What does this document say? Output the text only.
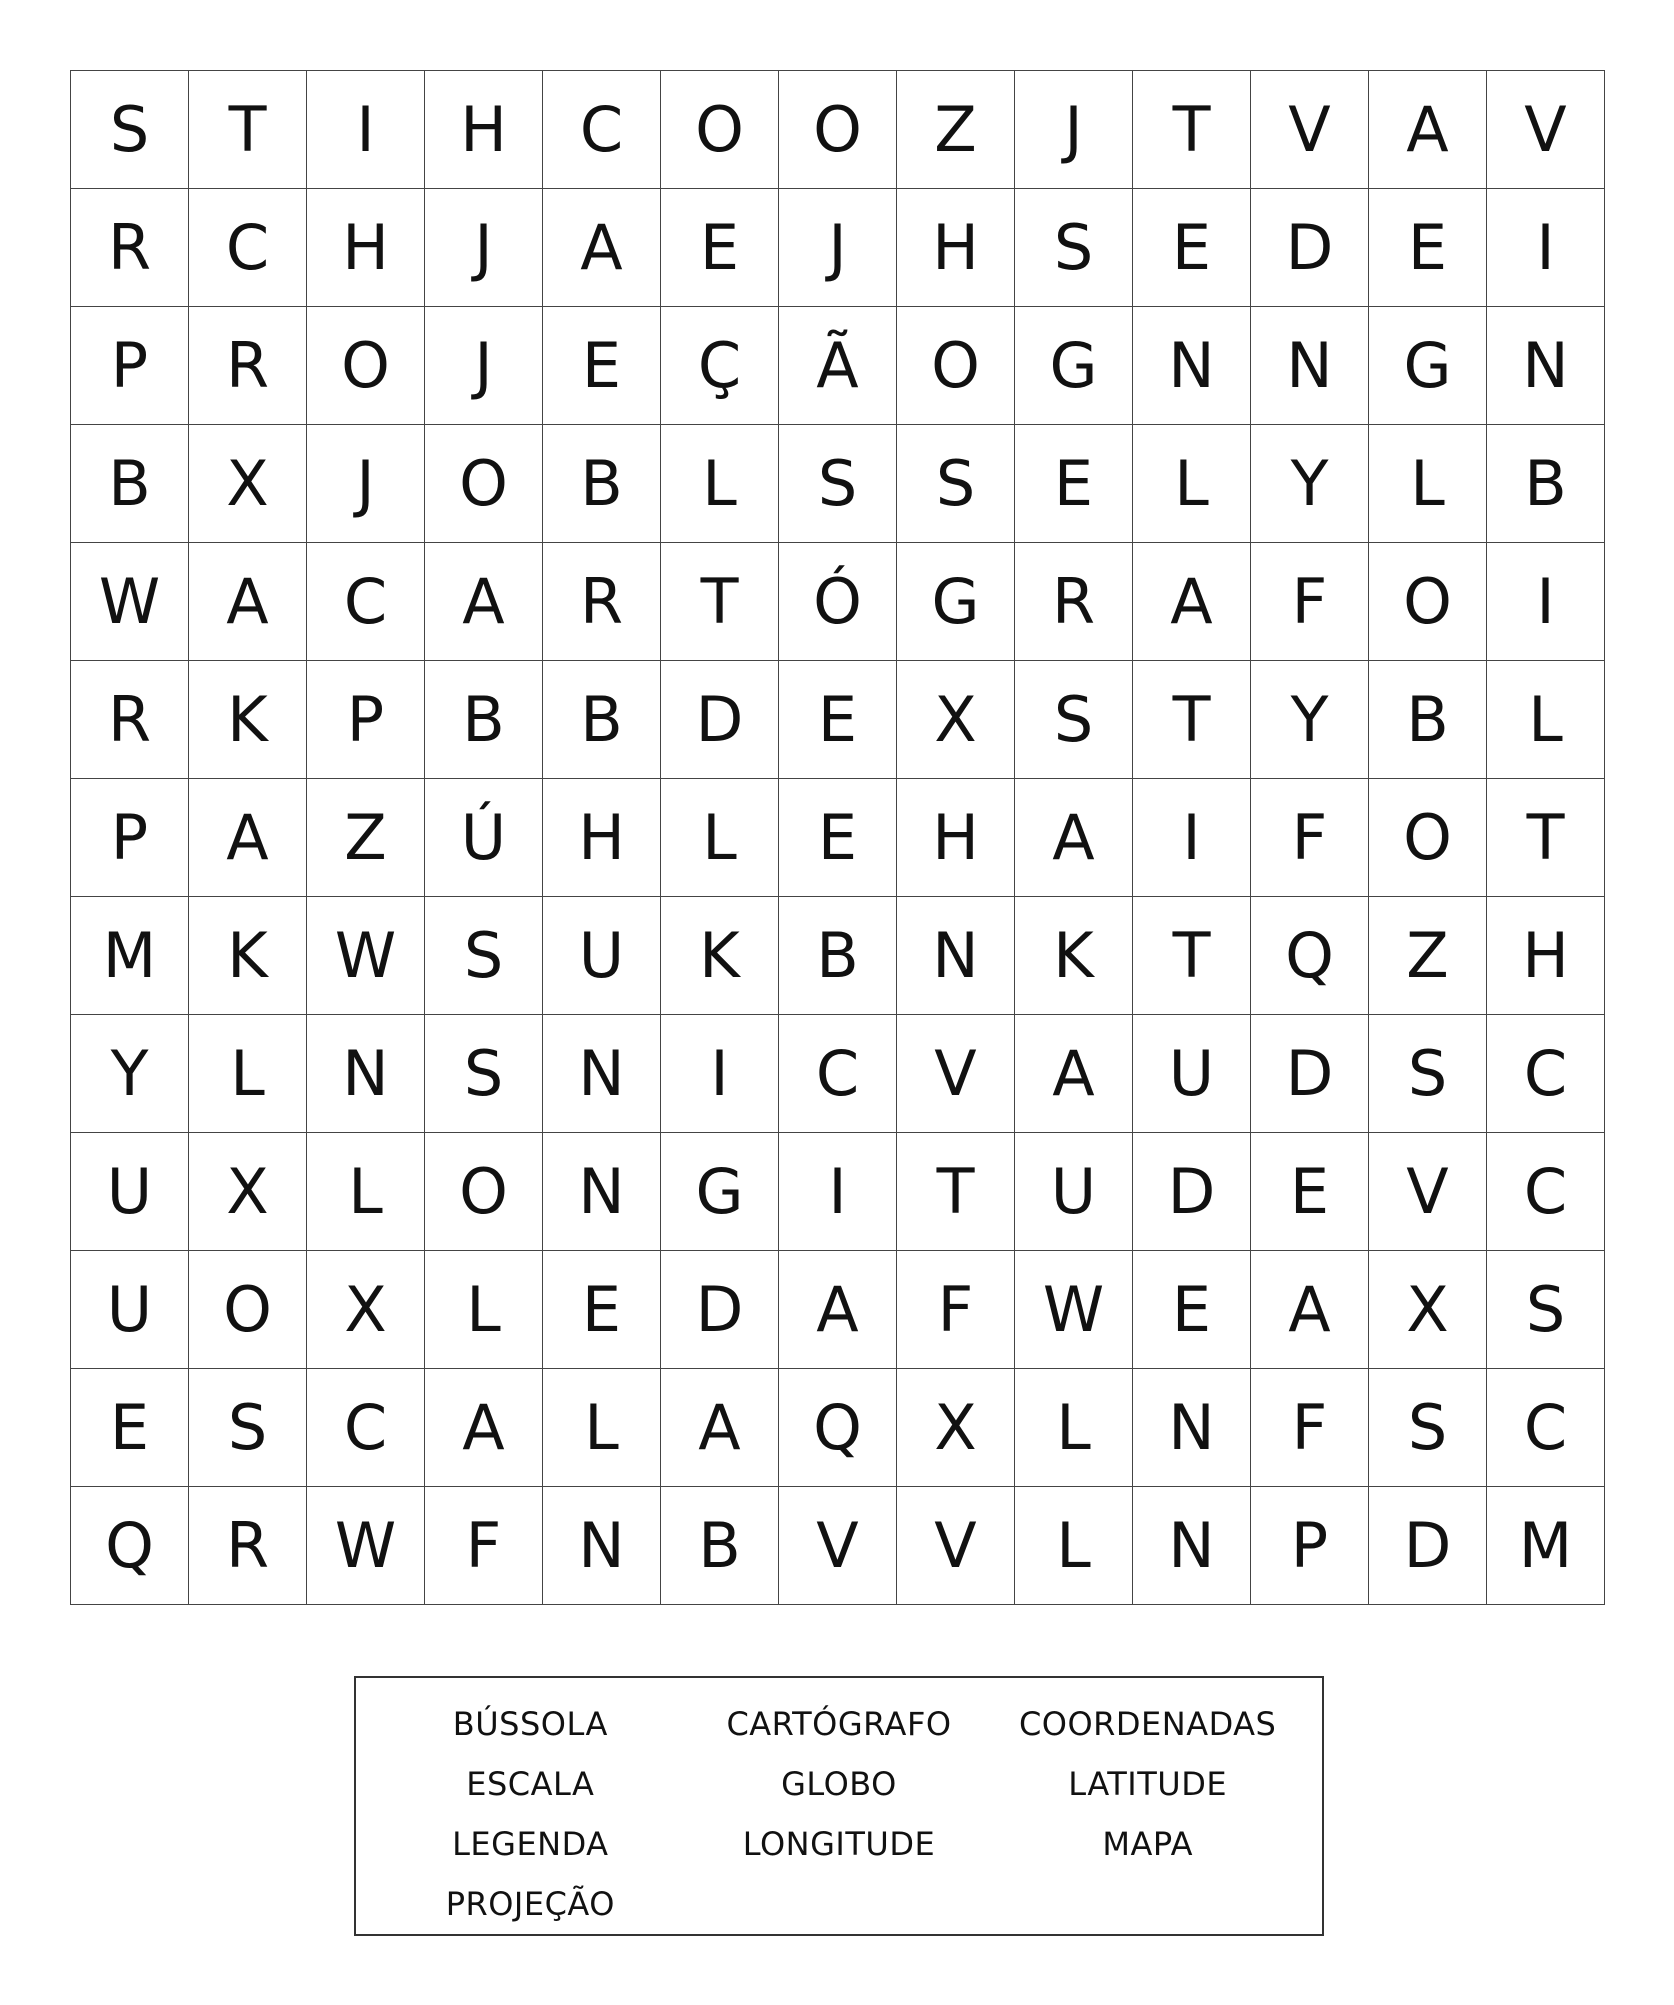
S	T	I	H	C	O	O	Z	J	T	V	A	V
R	C	H	J	A	E	J	H	S	E	D	E	I
P	R	O	J	E	Ç	Ã	O	G	N	N	G	N
B	X	J	O	B	L	S	S	E	L	Y	L	B
W	A	C	A	R	T	Ó	G	R	A	F	O	I
R	K	P	B	B	D	E	X	S	T	Y	B	L
P	A	Z	Ú	H	L	E	H	A	I	F	O	T
M	K	W	S	U	K	B	N	K	T	Q	Z	H
Y	L	N	S	N	I	C	V	A	U	D	S	C
U	X	L	O	N	G	I	T	U	D	E	V	C
U	O	X	L	E	D	A	F	W	E	A	X	S
E	S	C	A	L	A	Q	X	L	N	F	S	C
Q	R	W	F	N	B	V	V	L	N	P	D	M
BÚSSOLA	CARTÓGRAFO	COORDENADAS
ESCALA	GLOBO	LATITUDE
LEGENDA	LONGITUDE	MAPA
PROJEÇÃO
